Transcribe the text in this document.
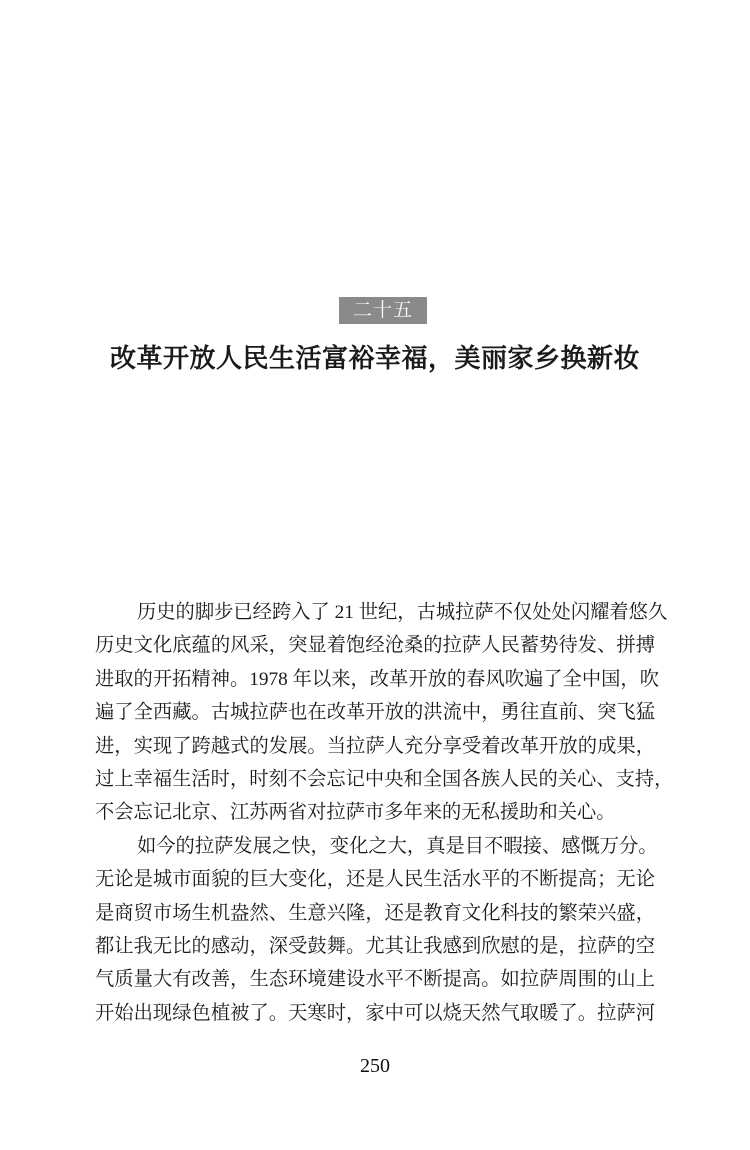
二十五
改革开放人民生活富裕幸福，美丽家乡换新妆
历史的脚步已经跨入了 21 世纪，古城拉萨不仅处处闪耀着悠久
历史文化底蕴的风采，突显着饱经沧桑的拉萨人民蓄势待发、拼搏
进取的开拓精神。1978 年以来，改革开放的春风吹遍了全中国，吹
遍了全西藏。古城拉萨也在改革开放的洪流中，勇往直前、突飞猛
进，实现了跨越式的发展。当拉萨人充分享受着改革开放的成果，
过上幸福生活时，时刻不会忘记中央和全国各族人民的关心、支持，
不会忘记北京、江苏两省对拉萨市多年来的无私援助和关心。
如今的拉萨发展之快，变化之大，真是目不暇接、感慨万分。
无论是城市面貌的巨大变化，还是人民生活水平的不断提高；无论
是商贸市场生机盎然、生意兴隆，还是教育文化科技的繁荣兴盛，
都让我无比的感动，深受鼓舞。尤其让我感到欣慰的是，拉萨的空
气质量大有改善，生态环境建设水平不断提高。如拉萨周围的山上
开始出现绿色植被了。天寒时，家中可以烧天然气取暖了。拉萨河
250
